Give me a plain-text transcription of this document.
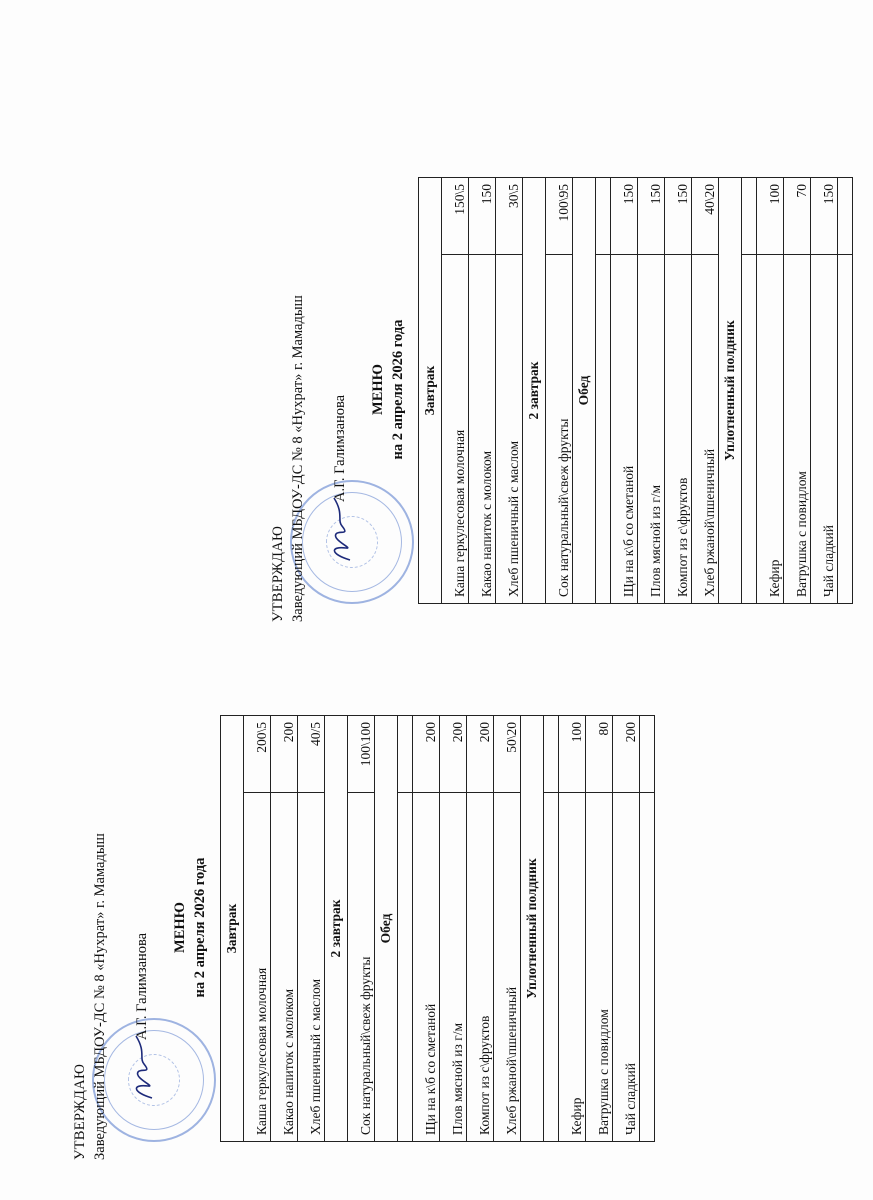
УТВЕРЖДАЮ Заведующий МБДОУ-ДС № 8 «Нухрат» г. Мамадыш А.Г. Галимзанова
МЕНЮ на 2 апреля 2026 года Завтрак	
Каша геркулесовая молочная	200\5
Какао напиток с молоком	200
Хлеб пшеничный с маслом	40/5
2 завтрак	
Сок натуральный\свеж фрукты	100\100
Обед	

Щи на к\б со сметаной	200
Плов мясной из г/м	200
Компот из с\фруктов	200
Хлеб ржаной\пшеничный	50\20
Уплотненный полдник	

Кефир	100
Ватрушка с повидлом	80
Чай сладкий	200

УТВЕРЖДАЮ Заведующий МБДОУ-ДС № 8 «Нухрат» г. Мамадыш А.Г. Галимзанова
МЕНЮ на 2 апреля 2026 года Завтрак	
Каша геркулесовая молочная	150\5
Какао напиток с молоком	150
Хлеб пшеничный с маслом	30\5
2 завтрак	
Сок натуральный\свеж фрукты	100\95
Обед	

Щи на к\б со сметаной	150
Плов мясной из г/м	150
Компот из с\фруктов	150
Хлеб ржаной\пшеничный	40\20
Уплотненный полдник	

Кефир	100
Ватрушка с повидлом	70
Чай сладкий	150
